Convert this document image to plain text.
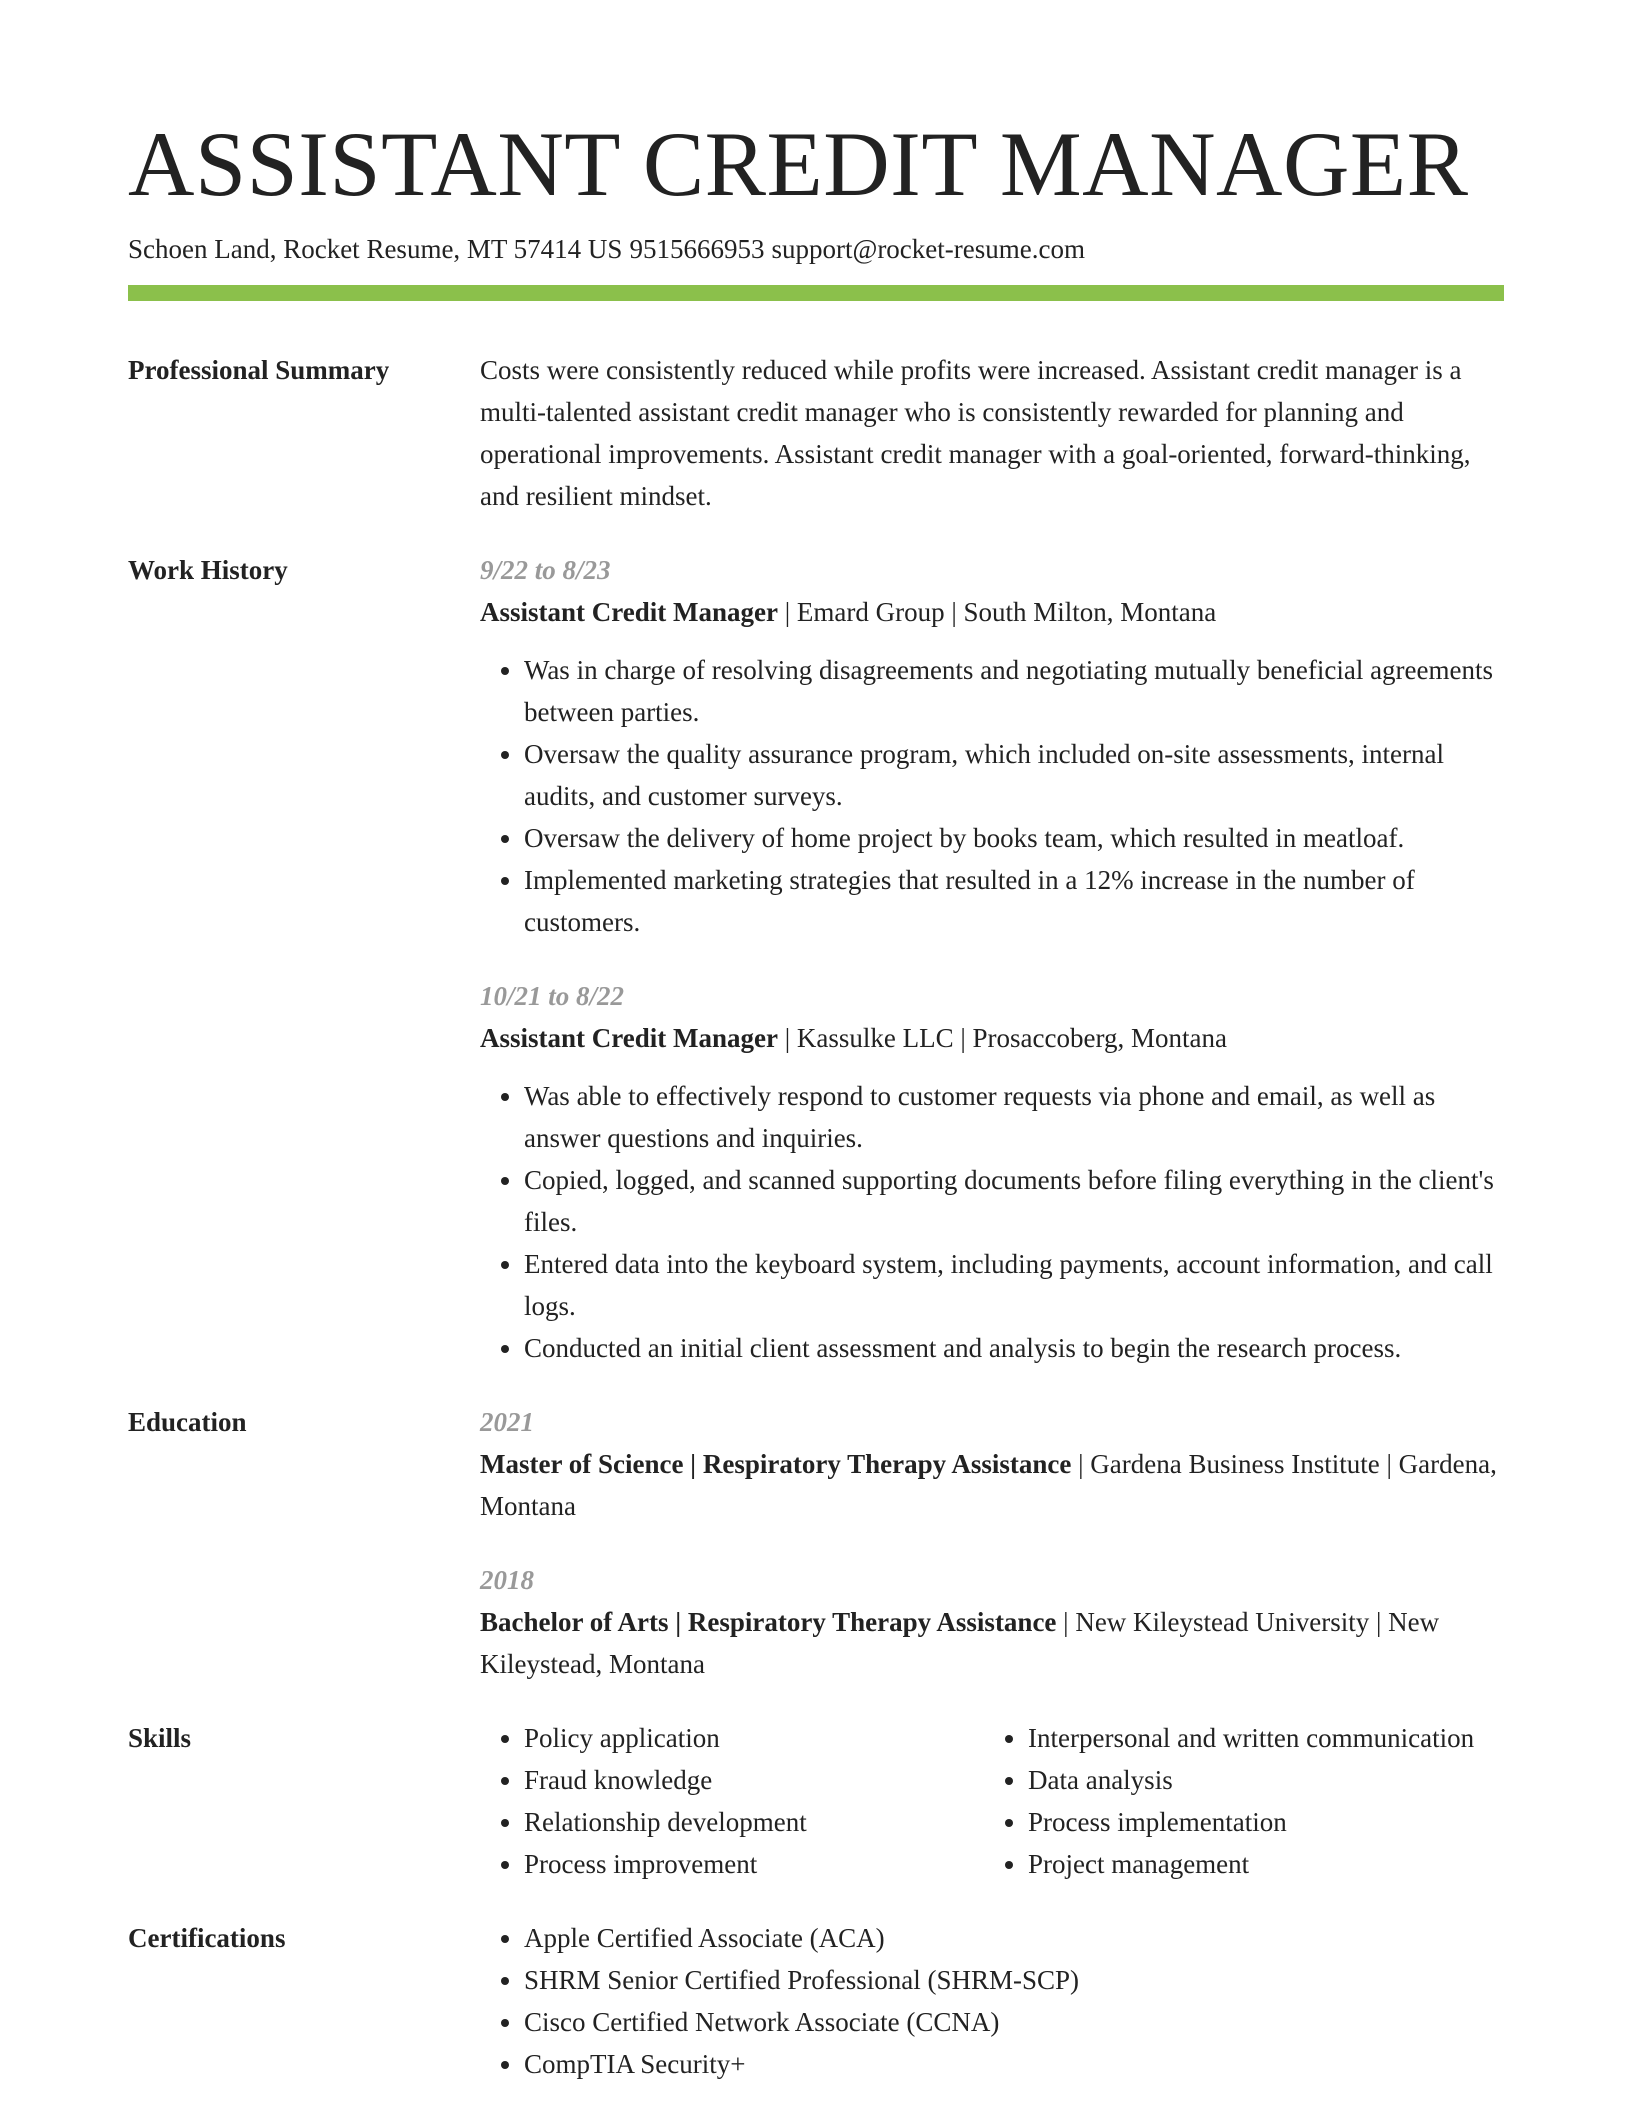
ASSISTANT CREDIT MANAGER
Schoen Land, Rocket Resume, MT 57414 US 9515666953 support@rocket-resume.com
Professional Summary	Costs were consistently reduced while profits were increased. Assistant credit manager is a multi-talented assistant credit manager who is consistently rewarded for planning and operational improvements. Assistant credit manager with a goal-oriented, forward-thinking, and resilient mindset.

Work History	9/22 to 8/23
Assistant Credit Manager | Emard Group | South Milton, Montana
• Was in charge of resolving disagreements and negotiating mutually beneficial agreements between parties.
• Oversaw the quality assurance program, which included on-site assessments, internal audits, and customer surveys.
• Oversaw the delivery of home project by books team, which resulted in meatloaf.
• Implemented marketing strategies that resulted in a 12% increase in the number of customers.
10/21 to 8/22
Assistant Credit Manager | Kassulke LLC | Prosaccoberg, Montana
• Was able to effectively respond to customer requests via phone and email, as well as answer questions and inquiries.
• Copied, logged, and scanned supporting documents before filing everything in the client's files.
• Entered data into the keyboard system, including payments, account information, and call logs.
• Conducted an initial client assessment and analysis to begin the research process.
Education	2021
Master of Science | Respiratory Therapy Assistance | Gardena Business Institute | Gardena, Montana
2018
Bachelor of Arts | Respiratory Therapy Assistance | New Kileystead University | New Kileystead, Montana
Skills	• Policy application
• Fraud knowledge
• Relationship development
• Process improvement
• Interpersonal and written communication
• Data analysis
• Process implementation
• Project management
Certifications	• Apple Certified Associate (ACA)
• SHRM Senior Certified Professional (SHRM-SCP)
• Cisco Certified Network Associate (CCNA)
• CompTIA Security+
